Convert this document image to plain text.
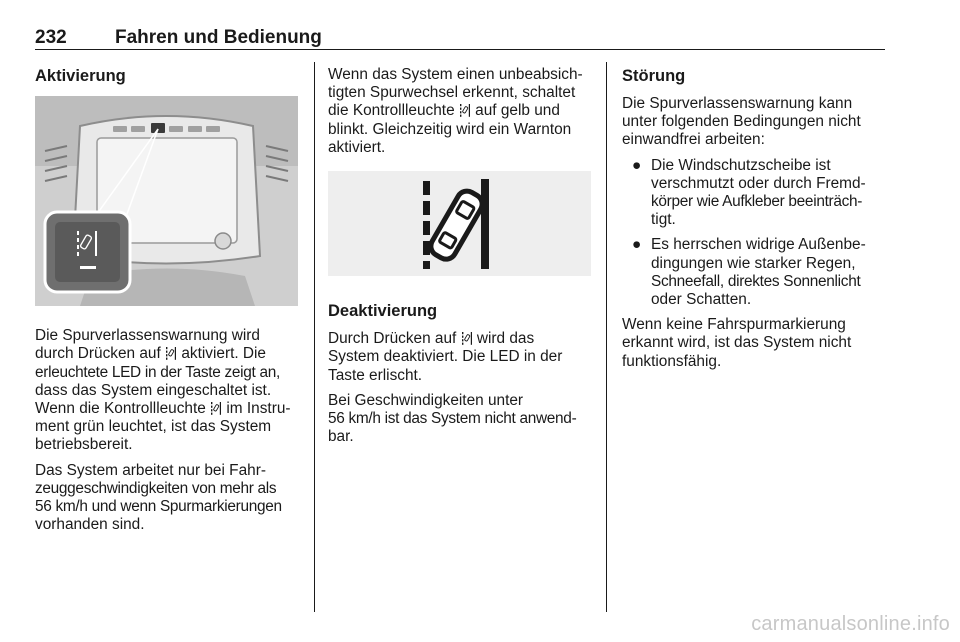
232	Fahren und Bedienung
Aktivierung

Die Spurverlassenswarnung wird
durch Drücken auf  aktiviert. Die
erleuchtete LED in der Taste zeigt an,
dass das System eingeschaltet ist.
Wenn die Kontrollleuchte  im Instru-
ment grün leuchtet, ist das System
betriebsbereit.

Das System arbeitet nur bei Fahr-
zeuggeschwindigkeiten von mehr als
56 km/h und wenn Spurmarkierungen
vorhanden sind.

Wenn das System einen unbeabsich-
tigten Spurwechsel erkennt, schaltet
die Kontrollleuchte  auf gelb und
blinkt. Gleichzeitig wird ein Warnton
aktiviert.

Deaktivierung

Durch Drücken auf  wird das
System deaktiviert. Die LED in der
Taste erlischt.

Bei Geschwindigkeiten unter
56 km/h ist das System nicht anwend-
bar.

Störung

Die Spurverlassenswarnung kann
unter folgenden Bedingungen nicht
einwandfrei arbeiten:

● Die Windschutzscheibe ist
verschmutzt oder durch Fremd-
körper wie Aufkleber beeinträch-
tigt.
● Es herrschen widrige Außenbe-
dingungen wie starker Regen,
Schneefall, direktes Sonnenlicht
oder Schatten.

Wenn keine Fahrspurmarkierung
erkannt wird, ist das System nicht
funktionsfähig.

carmanualsonline.info
